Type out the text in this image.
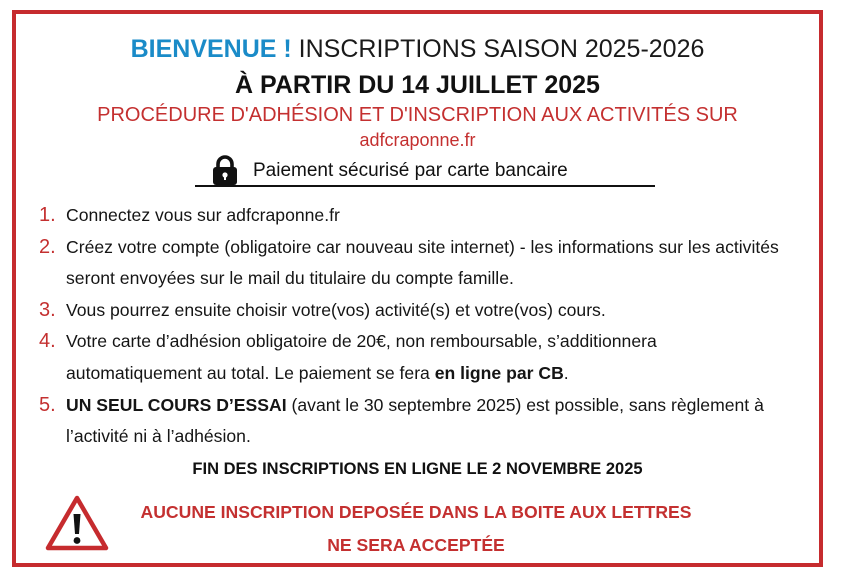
BIENVENUE ! INSCRIPTIONS SAISON 2025-2026
À PARTIR DU 14 JUILLET 2025
PROCÉDURE D'ADHÉSION ET D'INSCRIPTION AUX ACTIVITÉS SUR
adfcraponne.fr
Paiement sécurisé par carte bancaire
1. Connectez vous sur adfcraponne.fr
2. Créez votre compte (obligatoire car nouveau site internet) - les informations sur les activités seront envoyées sur le mail du titulaire du compte famille.
3. Vous pourrez ensuite choisir votre(vos) activité(s) et votre(vos) cours.
4. Votre carte d’adhésion obligatoire de 20€, non remboursable, s’additionnera automatiquement au total. Le paiement se fera en ligne par CB.
5. UN SEUL COURS D’ESSAI (avant le 30 septembre 2025) est possible, sans règlement à l’activité ni à l’adhésion.
FIN DES INSCRIPTIONS EN LIGNE LE 2 NOVEMBRE 2025
AUCUNE INSCRIPTION DEPOSÉE DANS LA BOITE AUX LETTRES
NE SERA ACCEPTÉE
